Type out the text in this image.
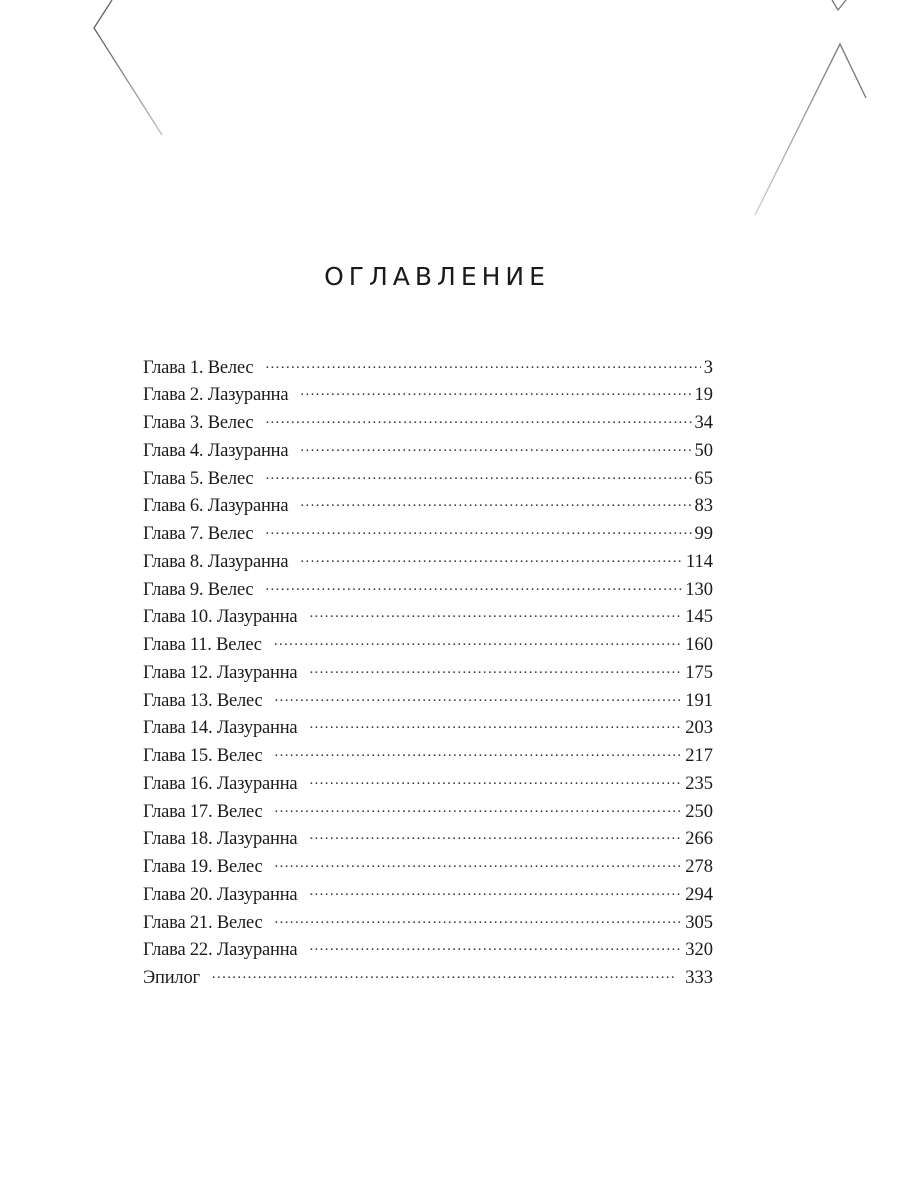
ОГЛАВЛЕНИЕ
Глава 1. Велес . . .	3
Глава 2. Лазуранна . . .	19
Глава 3. Велес . . .	34
Глава 4. Лазуранна . . .	50
Глава 5. Велес . . .	65
Глава 6. Лазуранна . . .	83
Глава 7. Велес . . .	99
Глава 8. Лазуранна . . .	114
Глава 9. Велес . . .	130
Глава 10. Лазуранна . . .	145
Глава 11. Велес . . .	160
Глава 12. Лазуранна . . .	175
Глава 13. Велес . . .	191
Глава 14. Лазуранна . . .	203
Глава 15. Велес . . .	217
Глава 16. Лазуранна . . .	235
Глава 17. Велес . . .	250
Глава 18. Лазуранна . . .	266
Глава 19. Велес . . .	278
Глава 20. Лазуранна . . .	294
Глава 21. Велес . . .	305
Глава 22. Лазуранна . . .	320
Эпилог . . .	333
